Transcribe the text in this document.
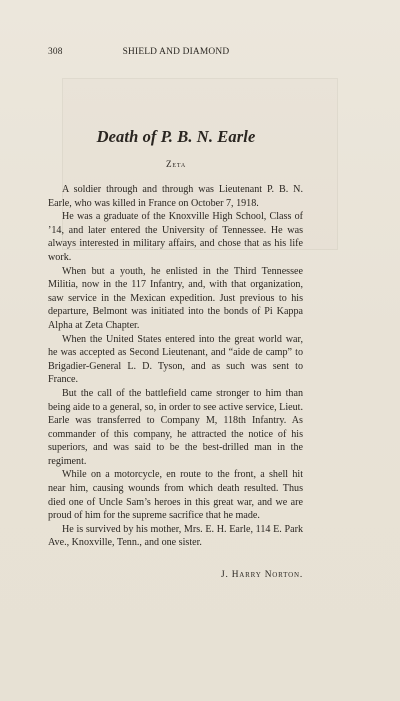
308	SHIELD AND DIAMOND
Death of P. B. N. Earle
Zeta

A soldier through and through was Lieutenant P. B. N. Earle, who was killed in France on October 7, 1918.

He was a graduate of the Knoxville High School, Class of ’14, and later entered the University of Tennessee. He was always interested in military affairs, and chose that as his life work.

When but a youth, he enlisted in the Third Tennessee Militia, now in the 117 Infantry, and, with that organization, saw service in the Mexican expedition. Just previous to his departure, Belmont was initiated into the bonds of Pi Kappa Alpha at Zeta Chapter.

When the United States entered into the great world war, he was accepted as Second Lieutenant, and “aide de camp” to Brigadier-General L. D. Tyson, and as such was sent to France.

But the call of the battlefield came stronger to him than being aide to a general, so, in order to see active service, Lieut. Earle was transferred to Company M, 118th Infantry. As commander of this company, he attracted the notice of his superiors, and was said to be the best-drilled man in the regiment.

While on a motorcycle, en route to the front, a shell hit near him, causing wounds from which death resulted. Thus died one of Uncle Sam’s heroes in this great war, and we are proud of him for the supreme sacrifice that he made.

He is survived by his mother, Mrs. E. H. Earle, 114 E. Park Ave., Knoxville, Tenn., and one sister.

J. Harry Norton.
